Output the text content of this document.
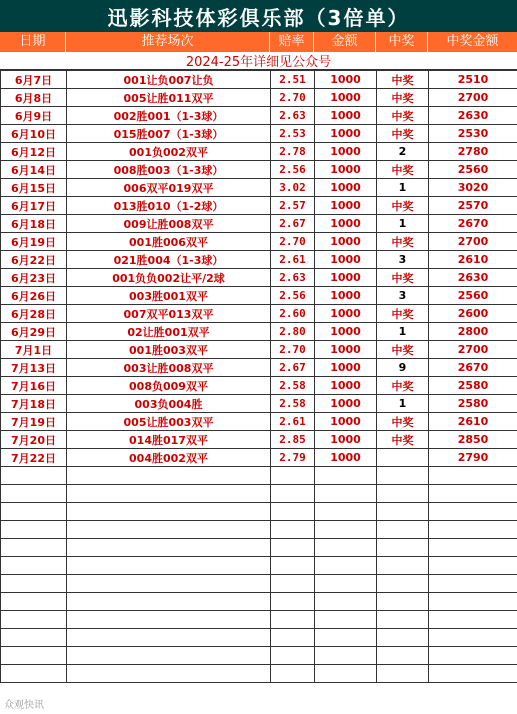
迅影科技体彩俱乐部（3倍单）
日期	推荐场次	赔率	金额	中奖	中奖金额
2024-25年详细见公众号
6月7日	001让负007让负	2.51	1000	中奖	2510
6月8日	005让胜011双平	2.70	1000	中奖	2700
6月9日	002胜001（1-3球）	2.63	1000	中奖	2630
6月10日	015胜007（1-3球）	2.53	1000	中奖	2530
6月12日	001负002双平	2.78	1000	2	2780
6月14日	008胜003（1-3球）	2.56	1000	中奖	2560
6月15日	006双平019双平	3.02	1000	1	3020
6月17日	013胜010（1-2球）	2.57	1000	中奖	2570
6月18日	009让胜008双平	2.67	1000	1	2670
6月19日	001胜006双平	2.70	1000	中奖	2700
6月22日	021胜004（1-3球）	2.61	1000	3	2610
6月23日	001负负002让平/2球	2.63	1000	中奖	2630
6月26日	003胜001双平	2.56	1000	3	2560
6月28日	007双平013双平	2.60	1000	中奖	2600
6月29日	02让胜001双平	2.80	1000	1	2800
7月1日	001胜003双平	2.70	1000	中奖	2700
7月13日	003让胜008双平	2.67	1000	9	2670
7月16日	008负009双平	2.58	1000	中奖	2580
7月18日	003负004胜	2.58	1000	1	2580
7月19日	005让胜003双平	2.61	1000	中奖	2610
7月20日	014胜017双平	2.85	1000	中奖	2850
7月22日	004胜002双平	2.79	1000		2790

众观快讯
